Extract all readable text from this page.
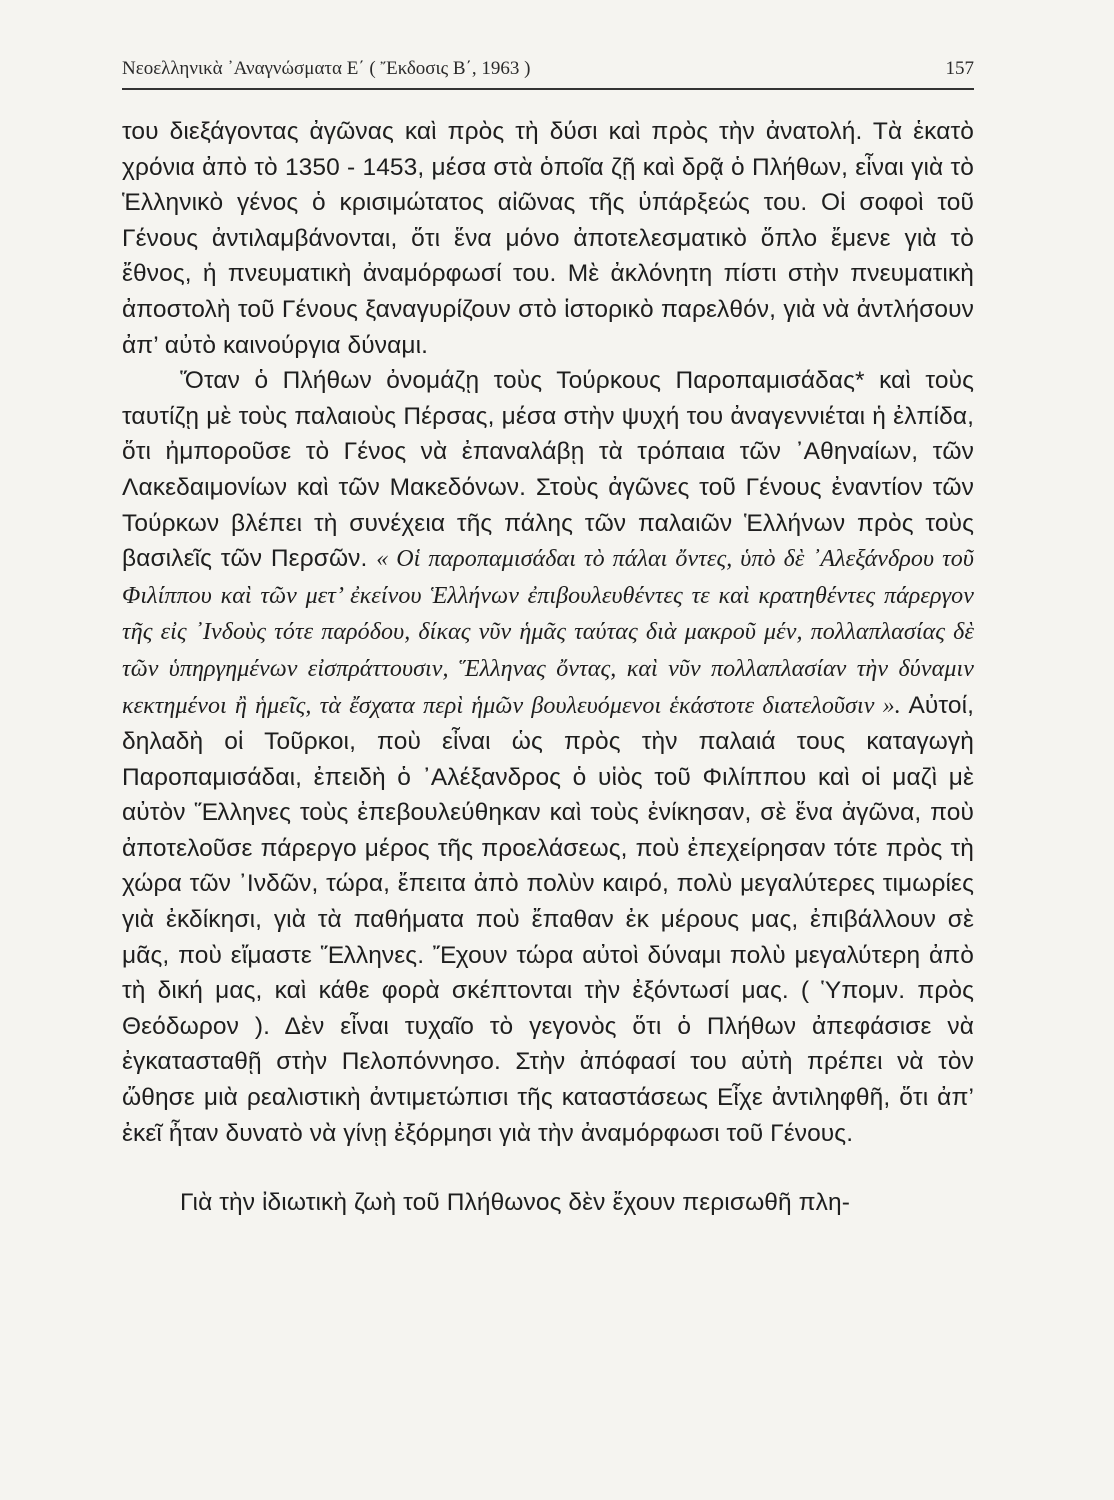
Νεοελληνικὰ ᾿Αναγνώσματα Ε΄ ( Ἔκδοσις Β΄, 1963 )	157

του διεξάγοντας ἀγῶνας καὶ πρὸς τὴ δύσι καὶ πρὸς τὴν ἀνατολή. Τὰ ἑκατὸ χρόνια ἀπὸ τὸ 1350 - 1453, μέσα στὰ ὁποῖα ζῇ καὶ δρᾷ ὁ Πλήθων, εἶναι γιὰ τὸ Ἑλληνικὸ γένος ὁ κρισιμώτατος αἰῶνας τῆς ὑπάρξεώς του. Οἱ σοφοὶ τοῦ Γένους ἀντιλαμβάνονται, ὅτι ἕνα μόνο ἀποτελεσματικὸ ὅπλο ἔμενε γιὰ τὸ ἔθνος, ἡ πνευματικὴ ἀναμόρφωσί του. Μὲ ἀκλόνητη πίστι στὴν πνευματικὴ ἀποστολὴ τοῦ Γένους ξαναγυρίζουν στὸ ἱστορικὸ παρελθόν, γιὰ νὰ ἀντλήσουν ἀπ’ αὐτὸ καινούργια δύναμι.

Ὅταν ὁ Πλήθων ὀνομάζῃ τοὺς Τούρκους Παροπαμισάδας* καὶ τοὺς ταυτίζῃ μὲ τοὺς παλαιοὺς Πέρσας, μέσα στὴν ψυχή του ἀναγεννιέται ἡ ἐλπίδα, ὅτι ἠμποροῦσε τὸ Γένος νὰ ἐπαναλάβῃ τὰ τρόπαια τῶν ᾿Αθηναίων, τῶν Λακεδαιμονίων καὶ τῶν Μακεδόνων. Στοὺς ἀγῶνες τοῦ Γένους ἐναντίον τῶν Τούρκων βλέπει τὴ συνέχεια τῆς πάλης τῶν παλαιῶν Ἑλλήνων πρὸς τοὺς βασιλεῖς τῶν Περσῶν. « Οἱ παροπαμισάδαι τὸ πάλαι ὄντες, ὑπὸ δὲ ᾿Αλεξάνδρου τοῦ Φιλίππου καὶ τῶν μετ’ ἐκείνου Ἑλλήνων ἐπιβουλευθέντες τε καὶ κρατηθέντες πάρεργον τῆς εἰς ᾿Ινδοὺς τότε παρόδου, δίκας νῦν ἡμᾶς ταύτας διὰ μακροῦ μέν, πολλαπλασίας δὲ τῶν ὑπηργημένων εἰσπράττουσιν, Ἕλληνας ὄντας, καὶ νῦν πολλαπλασίαν τὴν δύναμιν κεκτημένοι ἢ ἡμεῖς, τὰ ἔσχατα περὶ ἡμῶν βουλευόμενοι ἑκάστοτε διατελοῦσιν ». Αὐτοί, δηλαδὴ οἱ Τοῦρκοι, ποὺ εἶναι ὡς πρὸς τὴν παλαιά τους καταγωγὴ Παροπαμισάδαι, ἐπειδὴ ὁ ᾿Αλέξανδρος ὁ υἱὸς τοῦ Φιλίππου καὶ οἱ μαζὶ μὲ αὐτὸν Ἕλληνες τοὺς ἐπεβουλεύθηκαν καὶ τοὺς ἐνίκησαν, σὲ ἕνα ἀγῶνα, ποὺ ἀποτελοῦσε πάρεργο μέρος τῆς προελάσεως, ποὺ ἐπεχείρησαν τότε πρὸς τὴ χώρα τῶν ᾿Ινδῶν, τώρα, ἔπειτα ἀπὸ πολὺν καιρό, πολὺ μεγαλύτερες τιμωρίες γιὰ ἐκδίκησι, γιὰ τὰ παθήματα ποὺ ἔπαθαν ἐκ μέρους μας, ἐπιβάλλουν σὲ μᾶς, ποὺ εἴμαστε Ἕλληνες. Ἔχουν τώρα αὐτοὶ δύναμι πολὺ μεγαλύτερη ἀπὸ τὴ δική μας, καὶ κάθε φορὰ σκέπτονται τὴν ἐξόντωσί μας. ( Ὑπομν. πρὸς Θεόδωρον ). Δὲν εἶναι τυχαῖο τὸ γεγονὸς ὅτι ὁ Πλήθων ἀπεφάσισε νὰ ἐγκατασταθῇ στὴν Πελοπόννησο. Στὴν ἀπόφασί του αὐτὴ πρέπει νὰ τὸν ὤθησε μιὰ ρεαλιστικὴ ἀντιμετώπισι τῆς καταστάσεως Εἶχε ἀντιληφθῆ, ὅτι ἀπ’ ἐκεῖ ἦταν δυνατὸ νὰ γίνῃ ἐξόρμησι γιὰ τὴν ἀναμόρφωσι τοῦ Γένους.

Γιὰ τὴν ἰδιωτικὴ ζωὴ τοῦ Πλήθωνος δὲν ἔχουν περισωθῆ πλη-
